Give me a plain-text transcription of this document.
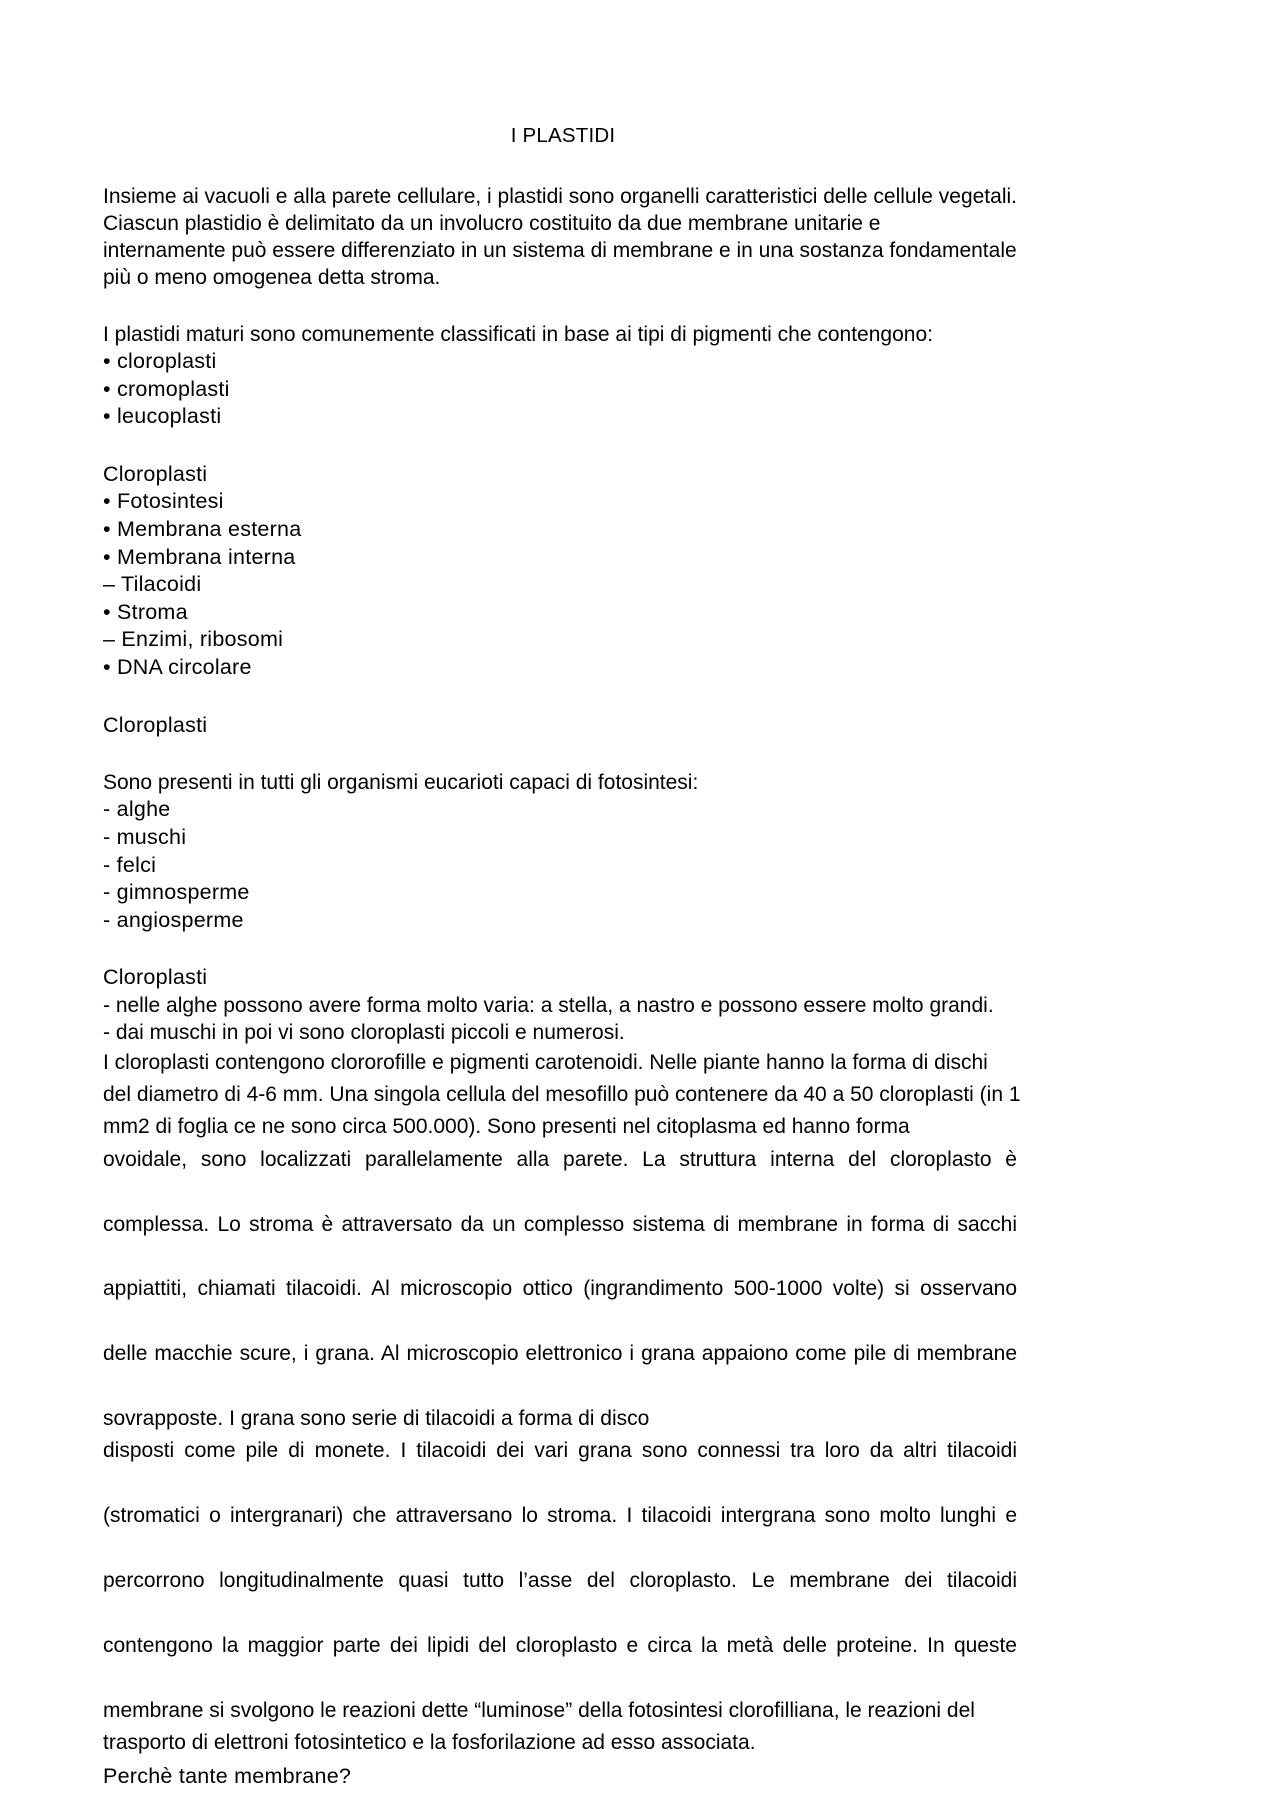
I PLASTIDI
Insieme ai vacuoli e alla parete cellulare, i plastidi sono organelli caratteristici delle cellule vegetali.
Ciascun plastidio è delimitato da un involucro costituito da due membrane unitarie e
internamente può essere differenziato in un sistema di membrane e in una sostanza fondamentale
più o meno omogenea detta stroma.
I plastidi maturi sono comunemente classificati in base ai tipi di pigmenti che contengono:
• cloroplasti
• cromoplasti
• leucoplasti
Cloroplasti
• Fotosintesi
• Membrana esterna
• Membrana interna
– Tilacoidi
• Stroma
– Enzimi, ribosomi
• DNA circolare
Cloroplasti
Sono presenti in tutti gli organismi eucarioti capaci di fotosintesi:
- alghe
- muschi
- felci
- gimnosperme
- angiosperme
Cloroplasti
- nelle alghe possono avere forma molto varia: a stella, a nastro e possono essere molto grandi.
- dai muschi in poi vi sono cloroplasti piccoli e numerosi.
I cloroplasti contengono clororofille e pigmenti carotenoidi. Nelle piante hanno la forma di dischi
del diametro di 4-6 mm. Una singola cellula del mesofillo può contenere da 40 a 50 cloroplasti (in 1
mm2 di foglia ce ne sono circa 500.000). Sono presenti nel citoplasma ed hanno forma
ovoidale, sono localizzati parallelamente alla parete. La struttura interna del cloroplasto è complessa. Lo stroma è attraversato da un complesso sistema di membrane in forma di sacchi appiattiti, chiamati tilacoidi. Al microscopio ottico (ingrandimento 500-1000 volte) si osservano delle macchie scure, i grana. Al microscopio elettronico i grana appaiono come pile di membrane
sovrapposte. I grana sono serie di tilacoidi a forma di disco
disposti come pile di monete. I tilacoidi dei vari grana sono connessi tra loro da altri tilacoidi (stromatici o intergranari) che attraversano lo stroma. I tilacoidi intergrana sono molto lunghi e percorrono longitudinalmente quasi tutto l’asse del cloroplasto. Le membrane dei tilacoidi contengono la maggior parte dei lipidi del cloroplasto e circa la metà delle proteine. In queste
membrane si svolgono le reazioni dette “luminose” della fotosintesi clorofilliana, le reazioni del
trasporto di elettroni fotosintetico e la fosforilazione ad esso associata.
Perchè tante membrane?
